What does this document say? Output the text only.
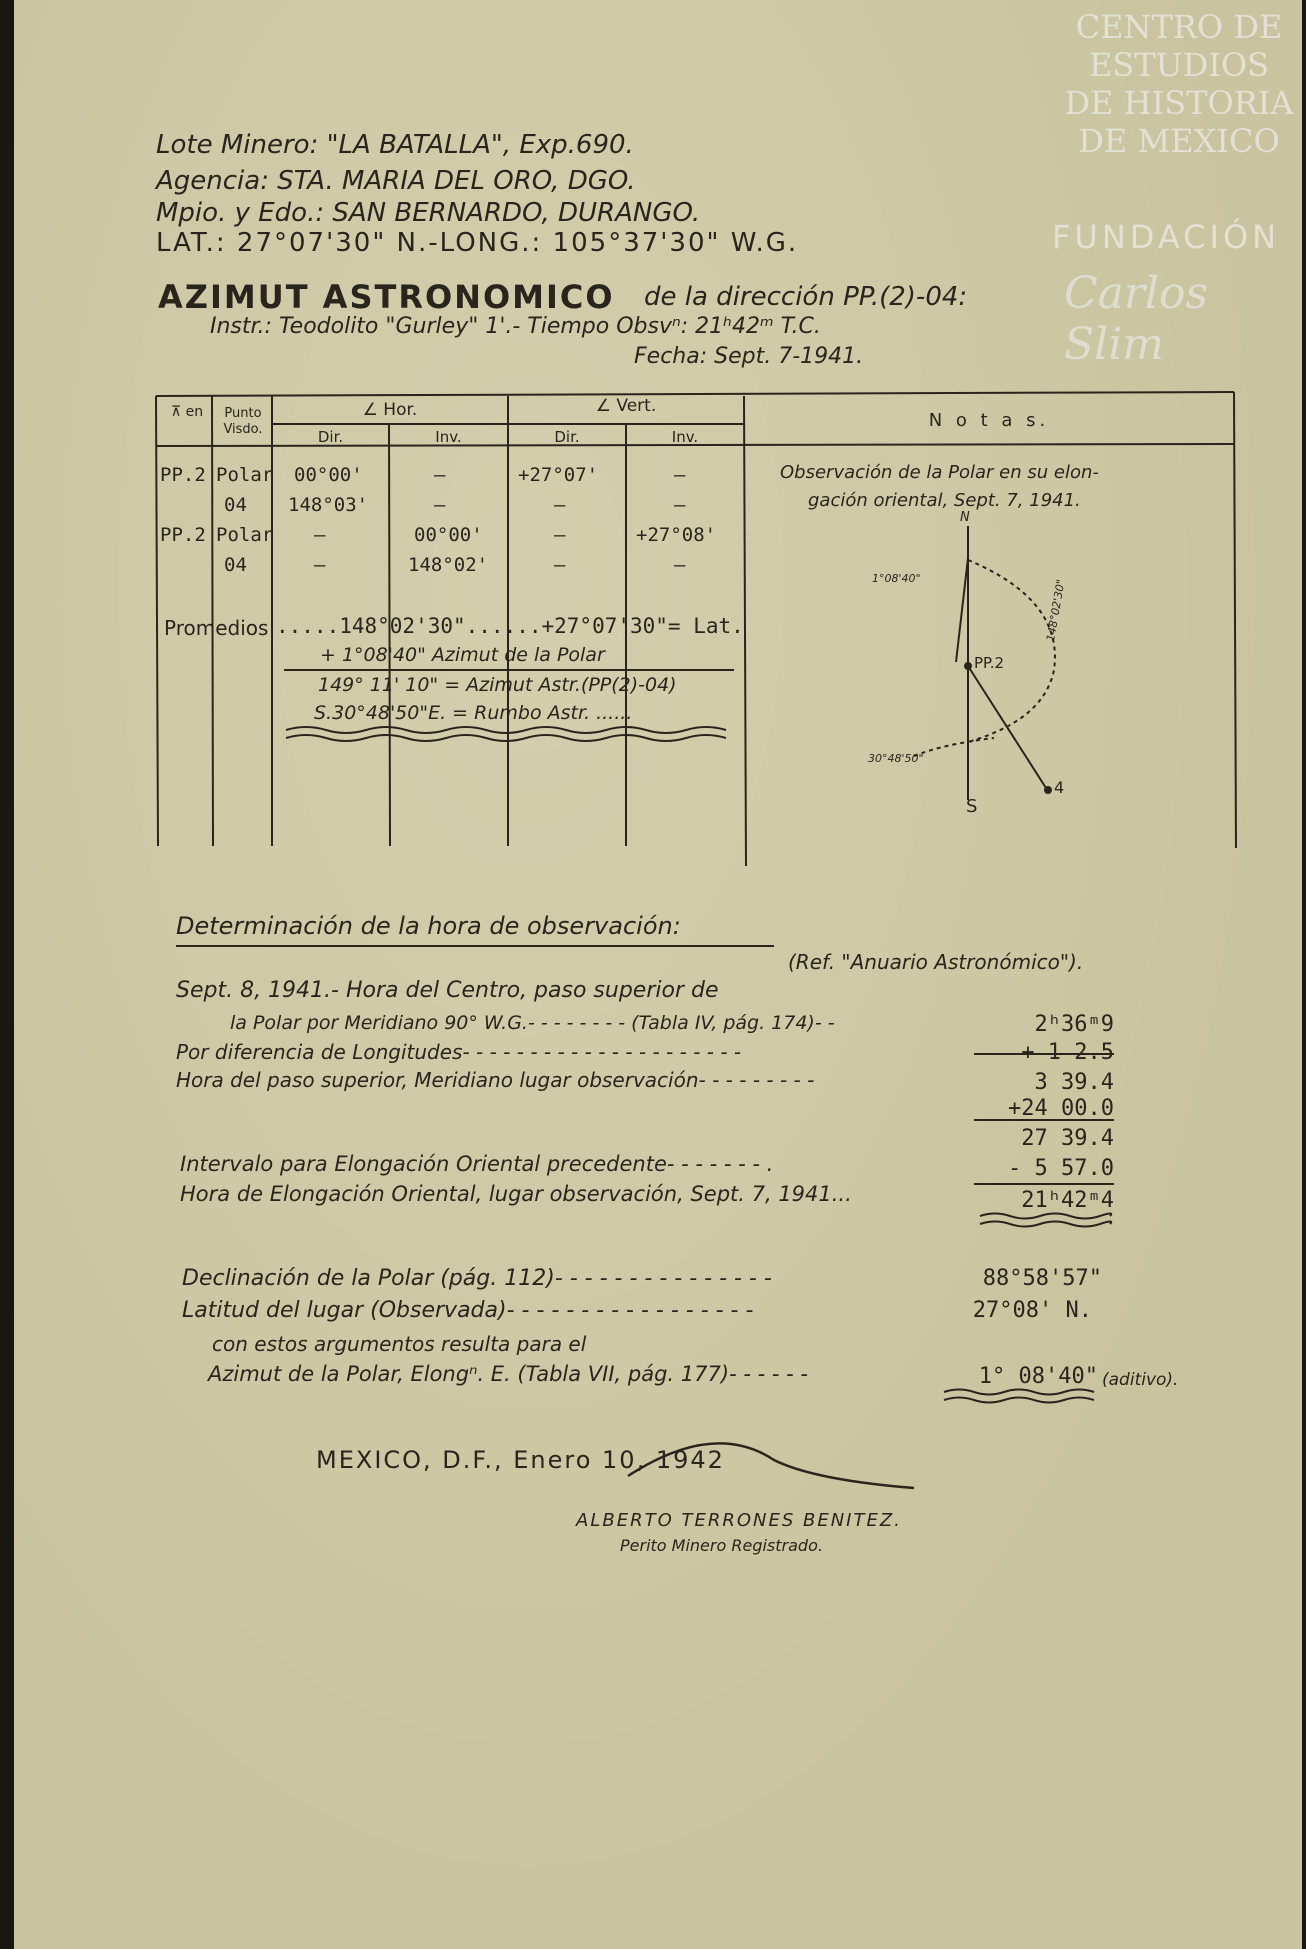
CENTRO DE
ESTUDIOS
DE HISTORIA
DE MEXICO
FUNDACIÓN
Carlos Slim
Lote Minero: "LA BATALLA", Exp.690.
Agencia: STA. MARIA DEL ORO, DGO.
Mpio. y Edo.: SAN BERNARDO, DURANGO.
LAT.: 27°07'30" N.-LONG.: 105°37'30" W.G.
AZIMUT ASTRONOMICO de la dirección PP.(2)-04:
Instr.: Teodolito "Gurley" 1'.- Tiempo Obsvⁿ: 21ʰ42ᵐ T.C.
Fecha: Sept. 7-1941.
⊼ en	Punto Visdo.
∠ Hor.	∠ Vert.
Dir.	Inv.	Dir.	Inv.
N o t a s.
PP.2 Polar 00°00'	—	+27°07'	—
04 148°03'	—	—	—
PP.2 Polar —	00°00'	—	+27°08'
04	—	148°02'	—	—
Promedios .....148°02'30"......+27°07'30"= Lat.
+ 1°08'40" Azimut de la Polar
149° 11' 10" = Azimut Astr.(PP(2)-04)
S.30°48'50"E. = Rumbo Astr. ......
Observación de la Polar en su elon-
gación oriental, Sept. 7, 1941.
N
S
PP.2
4
1°08'40"	148°02'30"
30°48'50"
Determinación de la hora de observación:
(Ref. "Anuario Astronómico").
Sept. 8, 1941.- Hora del Centro, paso superior de
la Polar por Meridiano 90° W.G.- - - - - - - - (Tabla IV, pág. 174)- -	2ʰ36ᵐ9
Por diferencia de Longitudes- - - - - - - - - - - - - - - - - - - - -	+ 1 2.5
Hora del paso superior, Meridiano lugar observación- - - - - - - - -	3 39.4
+24 00.0
27 39.4
Intervalo para Elongación Oriental precedente- - - - - - - .	- 5 57.0
Hora de Elongación Oriental, lugar observación, Sept. 7, 1941...	21ʰ42ᵐ4
Declinación de la Polar (pág. 112)- - - - - - - - - - - - - - -	88°58'57"
Latitud del lugar (Observada)- - - - - - - - - - - - - - - - -	27°08' N.
con estos argumentos resulta para el
Azimut de la Polar, Elongⁿ. E. (Tabla VII, pág. 177)- - - - - -	1° 08'40" (aditivo).
MEXICO, D.F., Enero 10, 1942
ALBERTO TERRONES BENITEZ.
Perito Minero Registrado.
